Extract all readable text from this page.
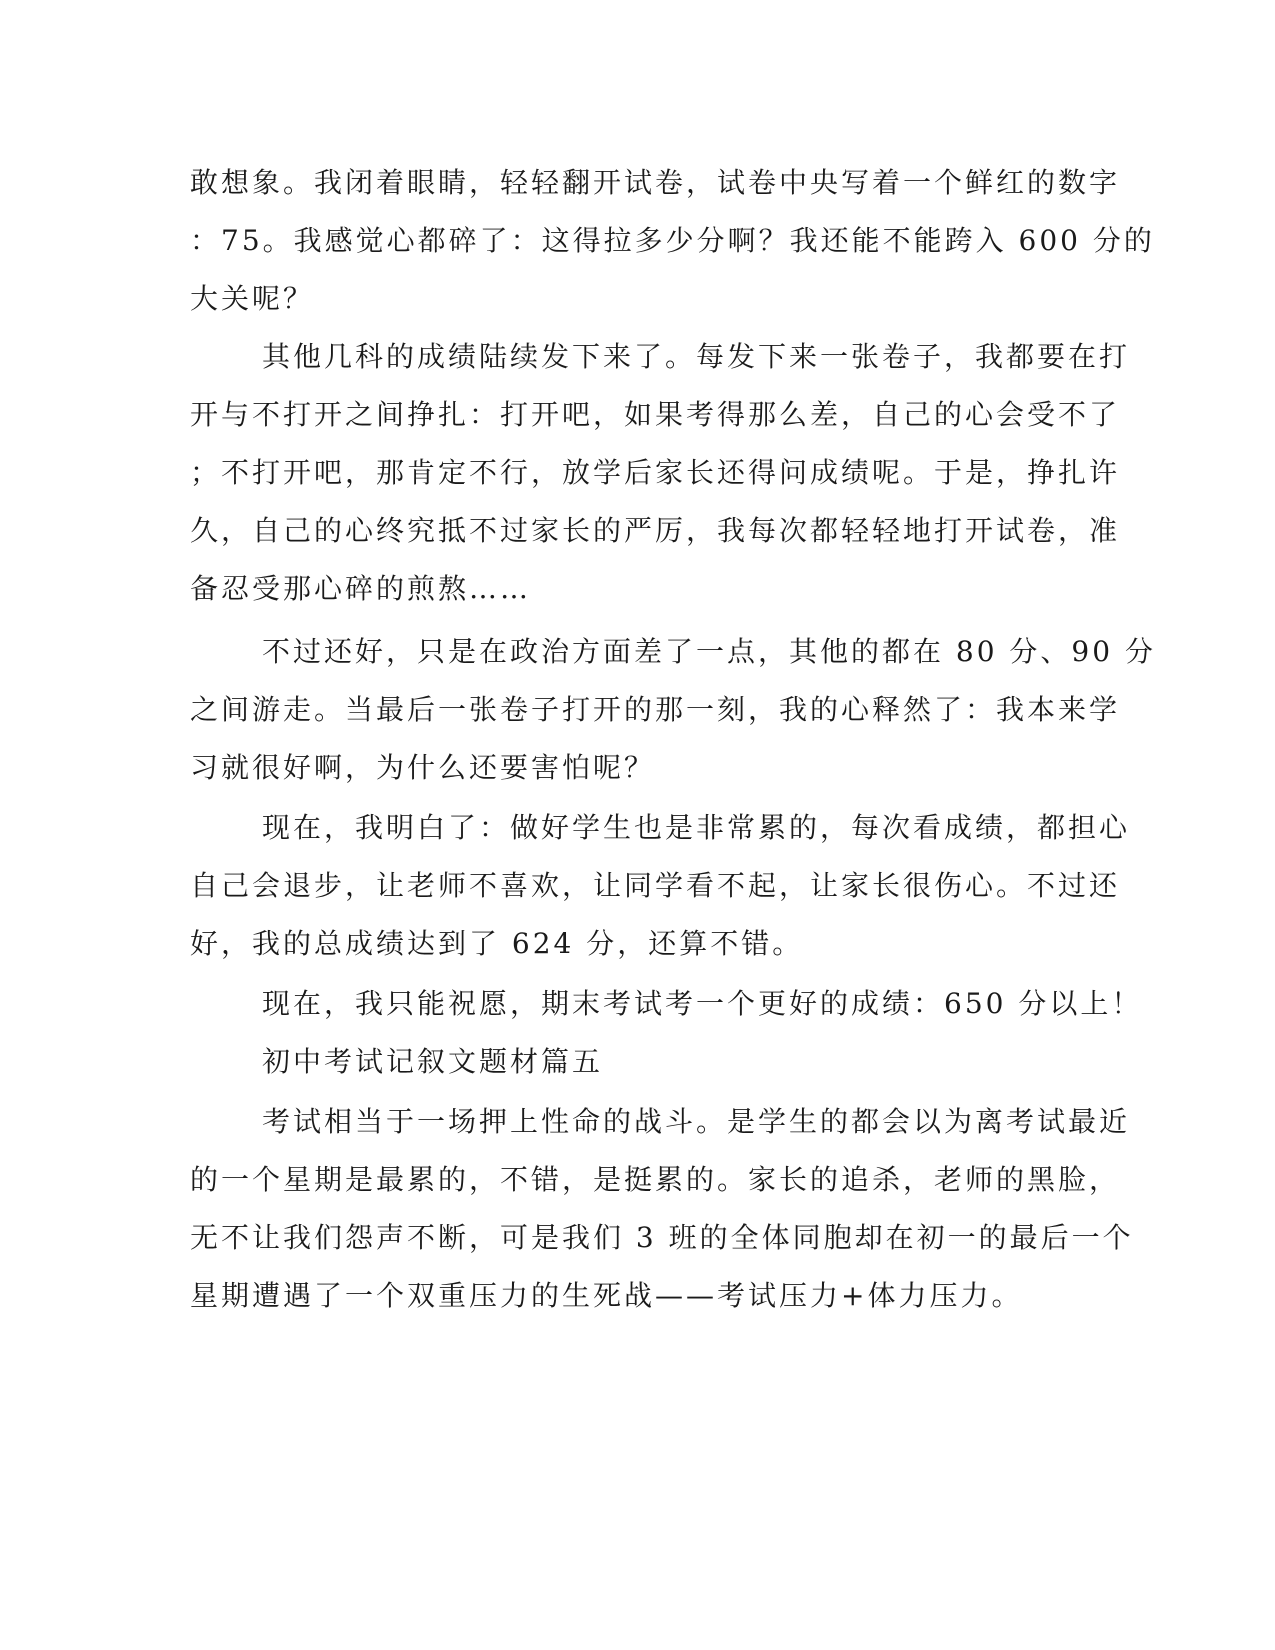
敢想象。我闭着眼睛，轻轻翻开试卷，试卷中央写着一个鲜红的数字
：75。我感觉心都碎了：这得拉多少分啊？我还能不能跨入 600 分的
大关呢？
其他几科的成绩陆续发下来了。每发下来一张卷子，我都要在打
开与不打开之间挣扎：打开吧，如果考得那么差，自己的心会受不了
；不打开吧，那肯定不行，放学后家长还得问成绩呢。于是，挣扎许
久，自己的心终究抵不过家长的严厉，我每次都轻轻地打开试卷，准
备忍受那心碎的煎熬……
不过还好，只是在政治方面差了一点，其他的都在 80 分、90 分
之间游走。当最后一张卷子打开的那一刻，我的心释然了：我本来学
习就很好啊，为什么还要害怕呢？
现在，我明白了：做好学生也是非常累的，每次看成绩，都担心
自己会退步，让老师不喜欢，让同学看不起，让家长很伤心。不过还
好，我的总成绩达到了 624 分，还算不错。
现在，我只能祝愿，期末考试考一个更好的成绩：650 分以上！
初中考试记叙文题材篇五
考试相当于一场押上性命的战斗。是学生的都会以为离考试最近
的一个星期是最累的，不错，是挺累的。家长的追杀，老师的黑脸，
无不让我们怨声不断，可是我们 3 班的全体同胞却在初一的最后一个
星期遭遇了一个双重压力的生死战——考试压力+体力压力。
